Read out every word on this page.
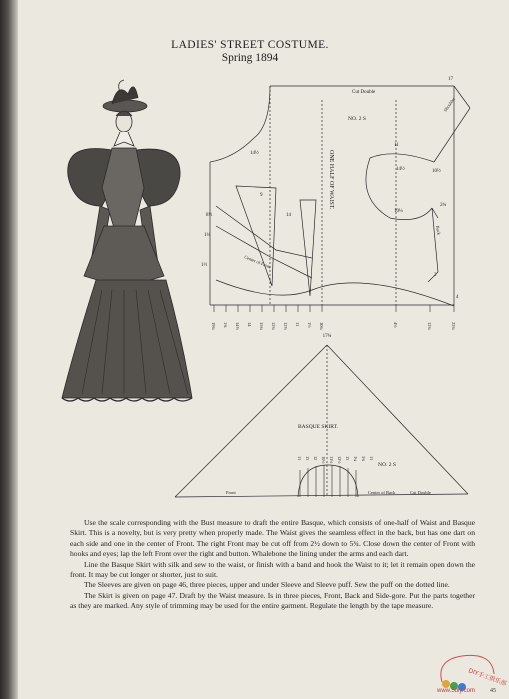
LADIES' STREET COSTUME.
Spring 1894
Cut Double
NO. 2 S
ONE HALF OF WAIST.
Center of Front
Shoulder
Back
1½
1¼
8½
14½
9
14
19¾ 1¾ 14½ 14 15¼ 12¾ 12½ 11 1½ 10¾	4½	12¾	22¾
17
11
10½
14½
2¾
10¼
4
2
17¾
BASQUE SKIRT.
NO. 2 S
Front	Center of Back	Cut Double
11 13 12 10½ 11½ 12½ 13 1¼ 3¾ 11

Use the scale corresponding with the Bust measure to draft the entire Basque, which consists of one-half of Waist and Basque Skirt. This is a novelty, but is very pretty when properly made. The Waist gives the seamless effect in the back, but has one dart on each side and one in the center of Front. The right Front may be cut off from 2½ down to 5¾. Close down the center of Front with hooks and eyes; lap the left Front over the right and button. Whalebone the lining under the arms and each dart.

Line the Basque Skirt with silk and sew to the waist, or finish with a band and hook the Waist to it; let it remain open down the front. It may be cut longer or shorter, just to suit.

The Sleeves are given on page 46, three pieces, upper and under Sleeve and Sleeve puff. Sew the puff on the dotted line.

The Skirt is given on page 47. Draft by the Waist measure. Is in three pieces, Front, Back and Side-gore. Put the parts together as they are marked. Any style of trimming may be used for the entire garment. Regulate the length by the tape measure.

DIY手工俱乐部
www.5diy.com	45
